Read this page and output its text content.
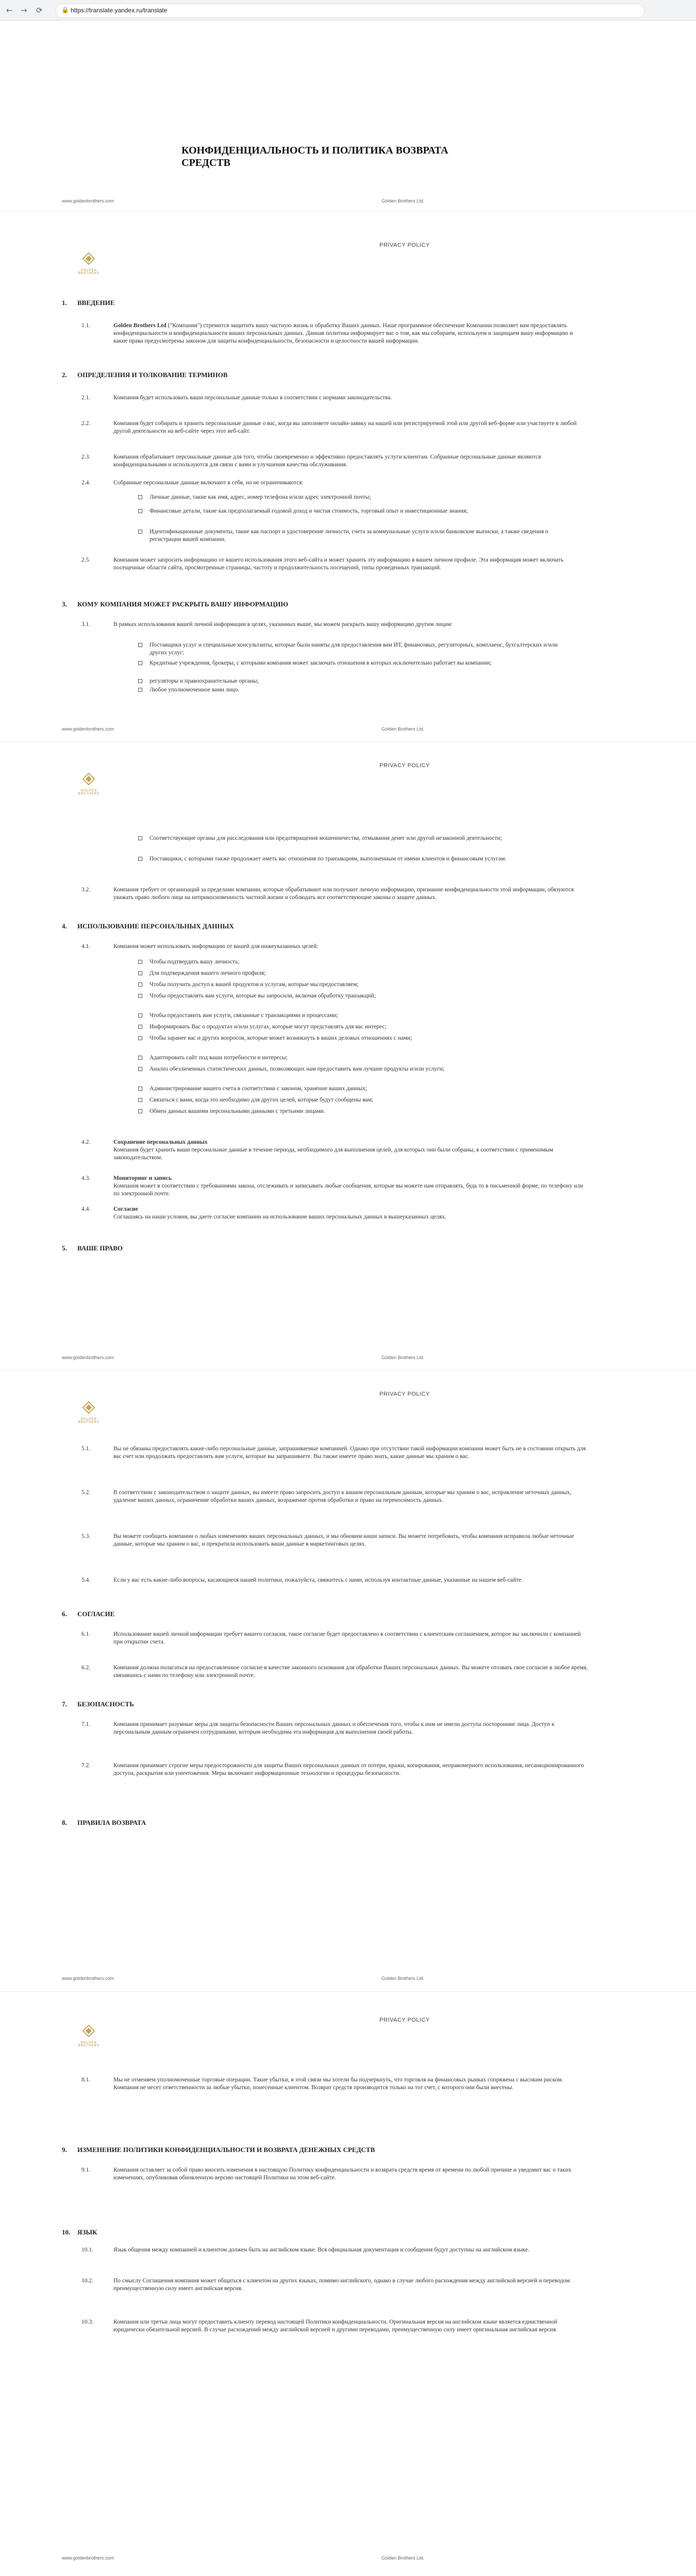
← → ⟳	🔒 https://translate.yandex.ru/translate
КОНФИДЕНЦИАЛЬНОСТЬ И ПОЛИТИКА ВОЗВРАТА СРЕДСТВ
www.goldenbrothers.com	Golden Brothers Ltd.
GOLDEN BROTHERS
PRIVACY POLICY
1. ВВЕДЕНИЕ
1.1.	Golden Brothers Ltd ("Компания") стремится защитить вашу частную жизнь и обработку Ваших данных. Наше программное обеспечение Компании позволяет вам предоставлять конфиденциальности и конфиденциальности ваших персональных данных. Данная политика информирует вас о том, как мы собираем, используем и защищаем вашу информацию и какие права предусмотрены законом для защиты конфиденциальности, безопасности и целостности вашей информации.
2. ОПРЕДЕЛЕНИЯ И ТОЛКОВАНИЕ ТЕРМИНОВ
2.1.	Компания будет использовать ваши персональные данные только в соответствии с нормами законодательства.
2.2.	Компания будет собирать и хранить персональные данные о вас, когда вы заполняете онлайн-заявку на нашей или регистрируемой этой или другой веб-форме или участвуете в любой другой деятельности на веб-сайте через этот веб-сайт.
2.3.	Компания обрабатывает персональные данные для того, чтобы своевременно и эффективно предоставлять услуги клиентам. Собранные персональные данные являются конфиденциальными и используются для связи с вами и улучшения качества обслуживания.
2.4.	Собранные персональные данные включают в себя, но не ограничиваются:
Личные данные, такие как имя, адрес, номер телефона и/или адрес электронной почты;
Финансовые детали, такие как предполагаемый годовой доход и чистая стоимость, торговый опыт и инвестиционные знания;
Идентификационные документы, такие как паспорт и удостоверение личности, счета за коммунальные услуги и/или банковские выписки, а также сведения о регистрации вашей компании.
2.5.	Компания может запросить информацию от вашего использования этого веб-сайта и может хранить эту информацию в вашем личном профиле. Эта информация может включать посещенные области сайта, просмотренные страницы, частоту и продолжительность посещений, типы проведенных транзакций.
3. КОМУ КОМПАНИЯ МОЖЕТ РАСКРЫТЬ ВАШУ ИНФОРМАЦИЮ
3.1.	В рамках использования вашей личной информации в целях, указанных выше, мы можем раскрыть вашу информацию другим лицам:
Поставщики услуг и специальные консультанты, которые были наняты для предоставления вам ИТ, финансовых, регуляторных, комплаенс, бухгалтерских и/или других услуг;
Кредитные учреждения, брокеры, с которыми компания может заключать отношения в которых исключительно работает вы компании;
регуляторы и правоохранительные органы;
Любое уполномоченное вами лицо.
www.goldenbrothers.com	Golden Brothers Ltd.
GOLDEN BROTHERS
PRIVACY POLICY
Соответствующие органы для расследования или предотвращения мошенничества, отмывания денег или другой незаконной деятельности;
Поставщики, с которыми также продолжает иметь вас отношения по транзакциям, выполненным от имени клиентов и финансовым услугам.
3.2.	Компания требует от организаций за пределами компании, которые обрабатывают или получают личную информацию, признание конфиденциальности этой информации, обязуются уважать право любого лица на неприкосновенность частной жизни и соблюдать все соответствующие законы о защите данных.
4. ИСПОЛЬЗОВАНИЕ ПЕРСОНАЛЬНЫХ ДАННЫХ
4.1.	Компания может использовать информацию от вашей для нижеуказанных целей:
Чтобы подтвердить вашу личность;
Для подтверждения вашего личного профиля;
Чтобы получить доступ к вашей продуктов и услугам, которые мы предоставляем;
Чтобы предоставлять вам услуги, которые вы запросили, включая обработку транзакций;
Чтобы предоставить вам услуги, связанные с транзакциями и процессами;
Информировать Вас о продуктах и/или услугах, которые могут представлять для вас интерес;
Чтобы заранее вас и других вопросов, которые может возникнуть в ваших деловых отношениях с нами;
Адаптировать сайт под ваши потребности и интересы;
Анализ обезличенных статистических данных, позволяющих нам предоставить вам лучшие продукты и/или услуги;
Администрирование вашего счета в соответствии с законом, хранение ваших данных;
Связаться с вами, когда это необходимо для других целей, которые будут сообщены вам;
Обмен данных вашими персональными данными с третьими лицами.
4.2.	Сохранение персональных данных
Компания будет хранить ваши персональные данные в течение периода, необходимого для выполнения целей, для которых они были собраны, в соответствии с применимым законодательством.
4.3.	Мониторинг и запись
Компания может в соответствии с требованиями закона, отслеживать и записывать любые сообщения, которые вы можете нам отправлять, будь то в письменной форме, по телефону или по электронной почте.
4.4.	Согласие
Соглашаясь на наши условия, вы даете согласие компании на использование ваших персональных данных в вышеуказанных целях.
5. ВАШЕ ПРАВО
www.goldenbrothers.com	Golden Brothers Ltd.
GOLDEN BROTHERS
PRIVACY POLICY
5.1.	Вы не обязаны предоставлять какие-либо персональные данные, запрашиваемые компанией. Однако при отсутствии такой информации компания может быть не в состоянии открыть для вас счет или продолжать предоставлять вам услуги, которые вы запрашиваете. Вы также имеете право знать, какие данные мы храним о вас.
5.2.	В соответствии с законодательством о защите данных, вы имеете право запросить доступ к вашим персональным данным, которые мы храним о вас, исправление неточных данных, удаление ваших данных, ограничение обработки ваших данных, возражение против обработки и право на переносимость данных.
5.3.	Вы можете сообщить компании о любых изменениях ваших персональных данных, и мы обновим наши записи. Вы можете потребовать, чтобы компания исправила любые неточные данные, которые мы храним о вас, и прекратила использовать ваши данные в маркетинговых целях.
5.4.	Если у вас есть какие-либо вопросы, касающиеся нашей политики, пожалуйста, свяжитесь с нами, используя контактные данные, указанные на нашем веб-сайте.
6. СОГЛАСИЕ
6.1.	Использование вашей личной информации требует вашего согласия, такое согласие будет предоставлено в соответствии с клиентским соглашением, которое вы заключили с компанией при открытии счета.
6.2.	Компания должна полагаться на предоставленное согласие в качестве законного основания для обработки Ваших персональных данных. Вы можете отозвать свое согласие в любое время, связавшись с нами по телефону или электронной почте.
7. БЕЗОПАСНОСТЬ
7.1.	Компания принимает разумные меры для защиты безопасности Ваших персональных данных и обеспечения того, чтобы к ним не имели доступа посторонние лица. Доступ к персональным данным ограничен сотрудниками, которым необходима эта информация для выполнения своей работы.
7.2.	Компания принимает строгие меры предосторожности для защиты Ваших персональных данных от потери, кражи, копирования, неправомерного использования, несанкционированного доступа, раскрытия или уничтожения. Меры включают информационные технологии и процедуры безопасности.
8. ПРАВИЛА ВОЗВРАТА
www.goldenbrothers.com	Golden Brothers Ltd.
GOLDEN BROTHERS
PRIVACY POLICY
8.1.	Мы не отменяем уполномоченные торговые операции. Такие убытки, в этой связи мы хотели бы подчеркнуть, что торговля на финансовых рынках сопряжена с высоким риском. Компания не несет ответственности за любые убытки, понесенные клиентом. Возврат средств производится только на тот счет, с которого они были внесены.
9. ИЗМЕНЕНИЕ ПОЛИТИКИ КОНФИДЕНЦИАЛЬНОСТИ И ВОЗВРАТА ДЕНЕЖНЫХ СРЕДСТВ
9.1.	Компания оставляет за собой право вносить изменения в настоящую Политику конфиденциальности и возврата средств время от времени по любой причине и уведомит вас о таких изменениях, опубликовав обновленную версию настоящей Политики на этом веб-сайте.
10. ЯЗЫК
10.1.	Язык общения между компанией и клиентом должен быть на английском языке. Вся официальная документация и сообщения будут доступны на английском языке.
10.2.	По смыслу Соглашения компания может общаться с клиентом на других языках, помимо английского, однако в случае любого расхождения между английской версией и переводом преимущественную силу имеет английская версия.
10.3.	Компания или третьи лица могут предоставить клиенту перевод настоящей Политики конфиденциальности. Оригинальная версия на английском языке является единственной юридически обязательной версией. В случае расхождений между английской версией и другими переводами, преимущественную силу имеет оригинальная английская версия.
www.goldenbrothers.com	Golden Brothers Ltd.
